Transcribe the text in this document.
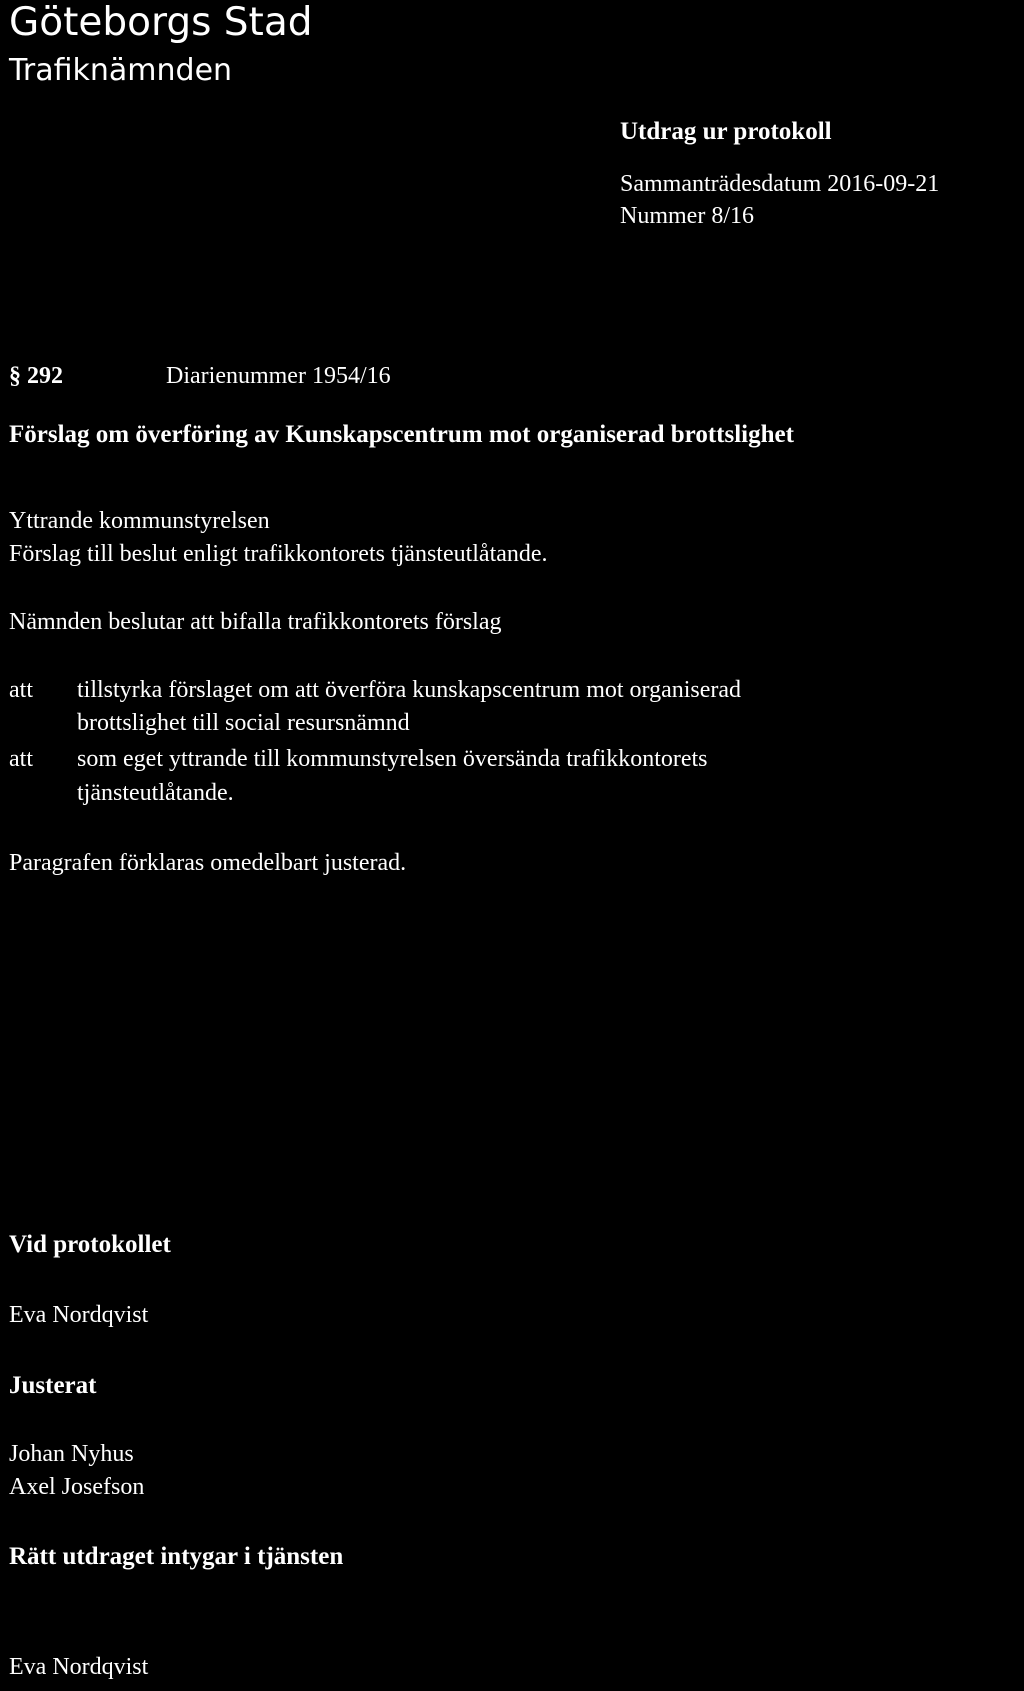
Göteborgs Stad
Trafiknämnden
Utdrag ur protokoll
Sammanträdesdatum 2016-09-21
Nummer 8/16
§ 292	Diarienummer 1954/16
Förslag om överföring av Kunskapscentrum mot organiserad brottslighet
Yttrande kommunstyrelsen
Förslag till beslut enligt trafikkontorets tjänsteutlåtande.
Nämnden beslutar att bifalla trafikkontorets förslag
att tillstyrka förslaget om att överföra kunskapscentrum mot organiserad
brottslighet till social resursnämnd
att som eget yttrande till kommunstyrelsen översända trafikkontorets
tjänsteutlåtande.
Paragrafen förklaras omedelbart justerad.
Vid protokollet
Eva Nordqvist
Justerat
Johan Nyhus
Axel Josefson
Rätt utdraget intygar i tjänsten
Eva Nordqvist
